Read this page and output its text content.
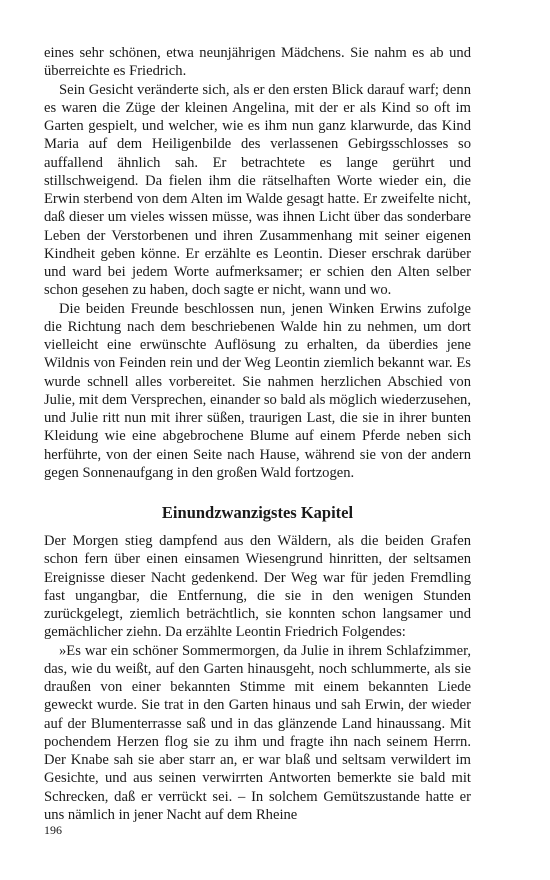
eines sehr schönen, etwa neunjährigen Mädchens. Sie nahm es ab und überreichte es Friedrich.

Sein Gesicht veränderte sich, als er den ersten Blick darauf warf; denn es waren die Züge der kleinen Angelina, mit der er als Kind so oft im Garten gespielt, und welcher, wie es ihm nun ganz klarwurde, das Kind Maria auf dem Heiligenbilde des verlassenen Gebirgsschlosses so auffallend ähnlich sah. Er betrachtete es lange gerührt und stillschweigend. Da fielen ihm die rätselhaften Worte wieder ein, die Erwin sterbend von dem Alten im Walde gesagt hatte. Er zweifelte nicht, daß dieser um vieles wissen müsse, was ihnen Licht über das sonderbare Leben der Verstorbenen und ihren Zusammenhang mit seiner eigenen Kindheit geben könne. Er erzählte es Leontin. Dieser erschrak darüber und ward bei jedem Worte aufmerksamer; er schien den Alten selber schon gesehen zu haben, doch sagte er nicht, wann und wo.

Die beiden Freunde beschlossen nun, jenen Winken Erwins zufolge die Richtung nach dem beschriebenen Walde hin zu nehmen, um dort vielleicht eine erwünschte Auflösung zu erhalten, da überdies jene Wildnis von Feinden rein und der Weg Leontin ziemlich bekannt war. Es wurde schnell alles vorbereitet. Sie nahmen herzlichen Abschied von Julie, mit dem Versprechen, einander so bald als möglich wiederzusehen, und Julie ritt nun mit ihrer süßen, traurigen Last, die sie in ihrer bunten Kleidung wie eine abgebrochene Blume auf einem Pferde neben sich herführte, von der einen Seite nach Hause, während sie von der andern gegen Sonnenaufgang in den großen Wald fortzogen.

Einundzwanzigstes Kapitel

Der Morgen stieg dampfend aus den Wäldern, als die beiden Grafen schon fern über einen einsamen Wiesengrund hinritten, der seltsamen Ereignisse dieser Nacht gedenkend. Der Weg war für jeden Fremdling fast ungangbar, die Entfernung, die sie in den wenigen Stunden zurückgelegt, ziemlich beträchtlich, sie konnten schon langsamer und gemächlicher ziehn. Da erzählte Leontin Friedrich Folgendes:

»Es war ein schöner Sommermorgen, da Julie in ihrem Schlafzimmer, das, wie du weißt, auf den Garten hinausgeht, noch schlummerte, als sie draußen von einer bekannten Stimme mit einem bekannten Liede geweckt wurde. Sie trat in den Garten hinaus und sah Erwin, der wieder auf der Blumenterrasse saß und in das glänzende Land hinaussang. Mit pochendem Herzen flog sie zu ihm und fragte ihn nach seinem Herrn. Der Knabe sah sie aber starr an, er war blaß und seltsam verwildert im Gesichte, und aus seinen verwirrten Antworten bemerkte sie bald mit Schrecken, daß er verrückt sei. – In solchem Gemütszustande hatte er uns nämlich in jener Nacht auf dem Rheine

196
